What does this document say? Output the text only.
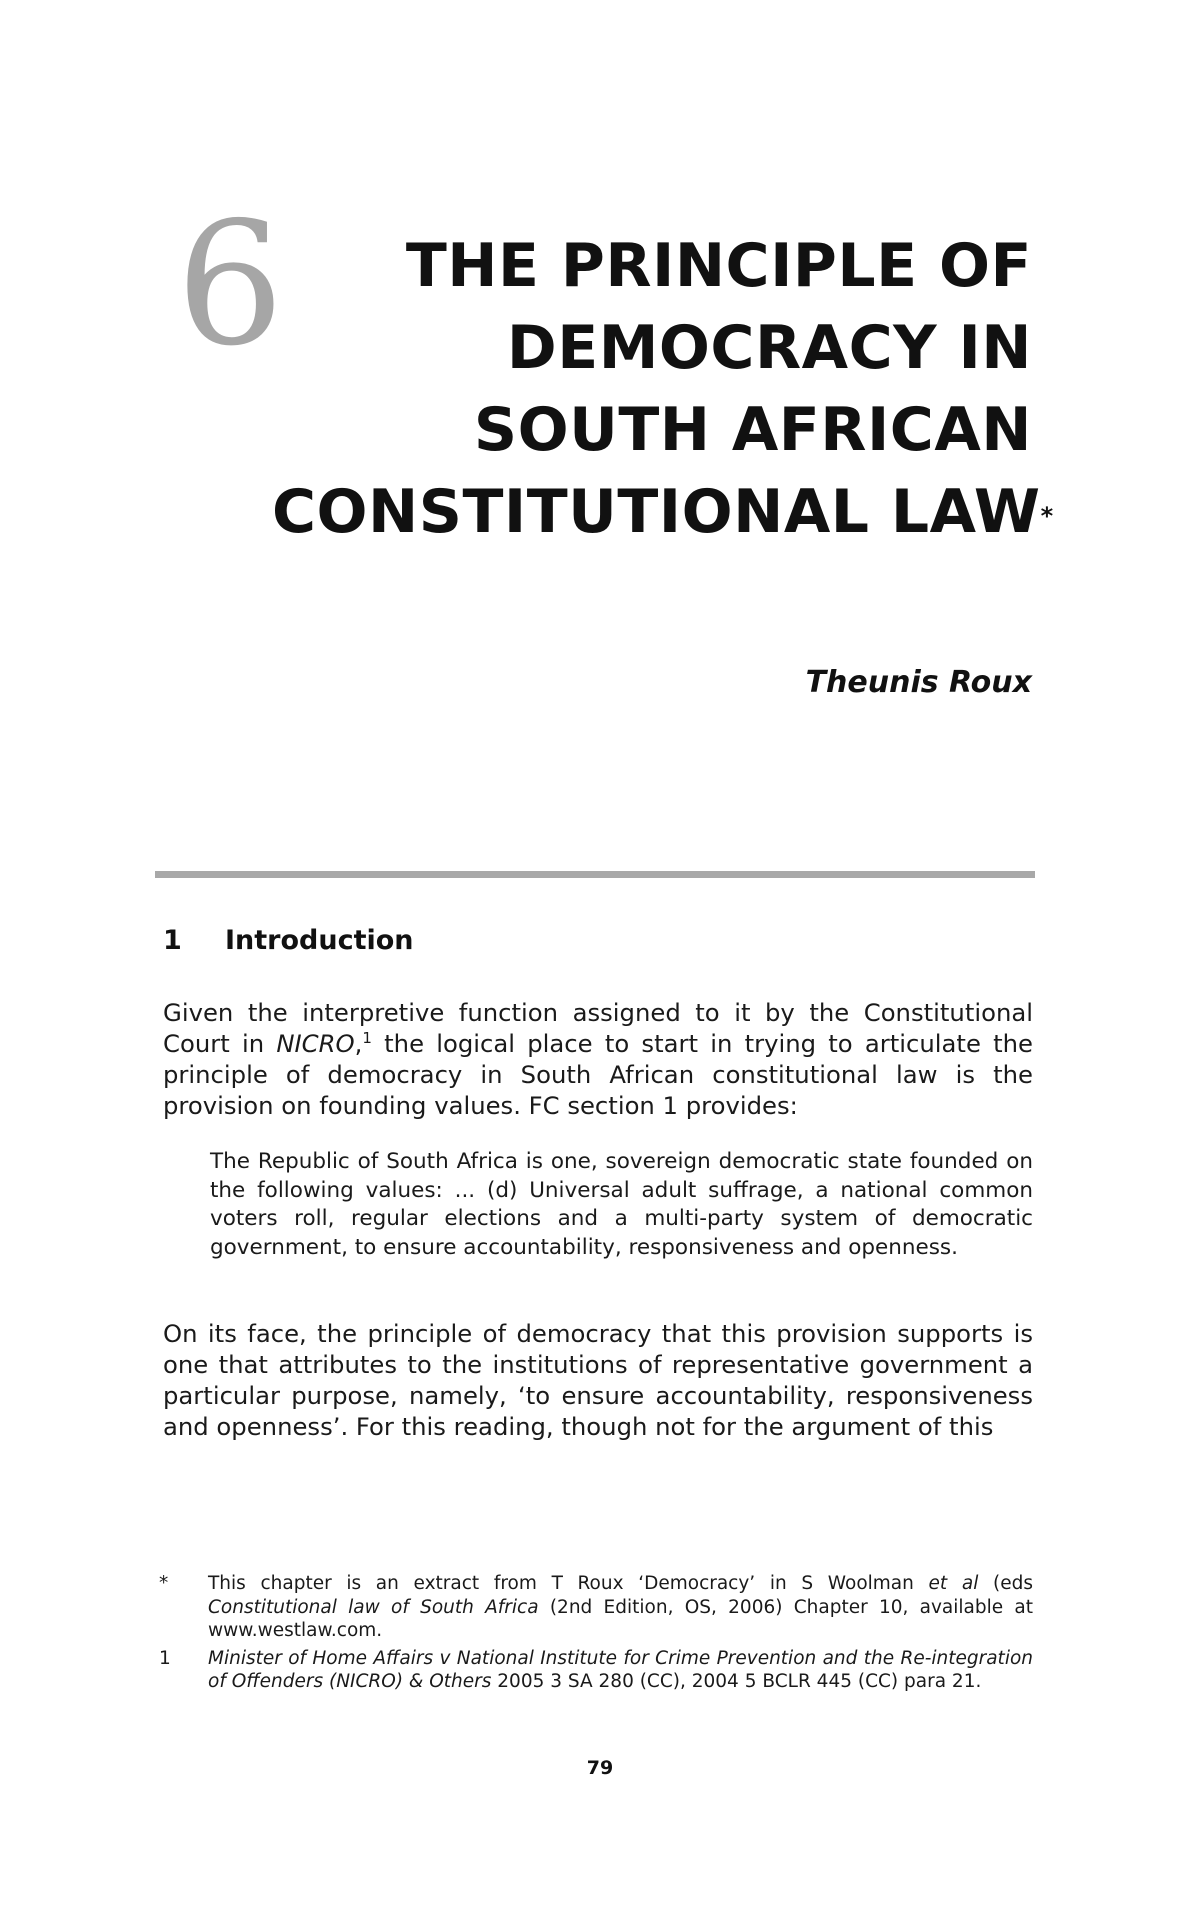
6	THE PRINCIPLE OF
DEMOCRACY IN
SOUTH AFRICAN
CONSTITUTIONAL LAW*
Theunis Roux
1 Introduction
Given the interpretive function assigned to it by the Constitutional Court in NICRO,$^1$ the logical place to start in trying to articulate the principle of democracy in South African constitutional law is the provision on founding values. FC section 1 provides:
The Republic of South Africa is one, sovereign democratic state founded on the following values: ... (d) Universal adult suffrage, a national common voters roll, regular elections and a multi-party system of democratic government, to ensure accountability, responsiveness and openness.
On its face, the principle of democracy that this provision supports is one that attributes to the institutions of representative government a particular purpose, namely, ‘to ensure accountability, responsiveness and openness’. For this reading, though not for the argument of this
* This chapter is an extract from T Roux ‘Democracy’ in S Woolman et al (eds Constitutional law of South Africa (2nd Edition, OS, 2006) Chapter 10, available at www.westlaw.com.
1 Minister of Home Affairs v National Institute for Crime Prevention and the Re-integration of Offenders (NICRO) & Others 2005 3 SA 280 (CC), 2004 5 BCLR 445 (CC) para 21.
79
